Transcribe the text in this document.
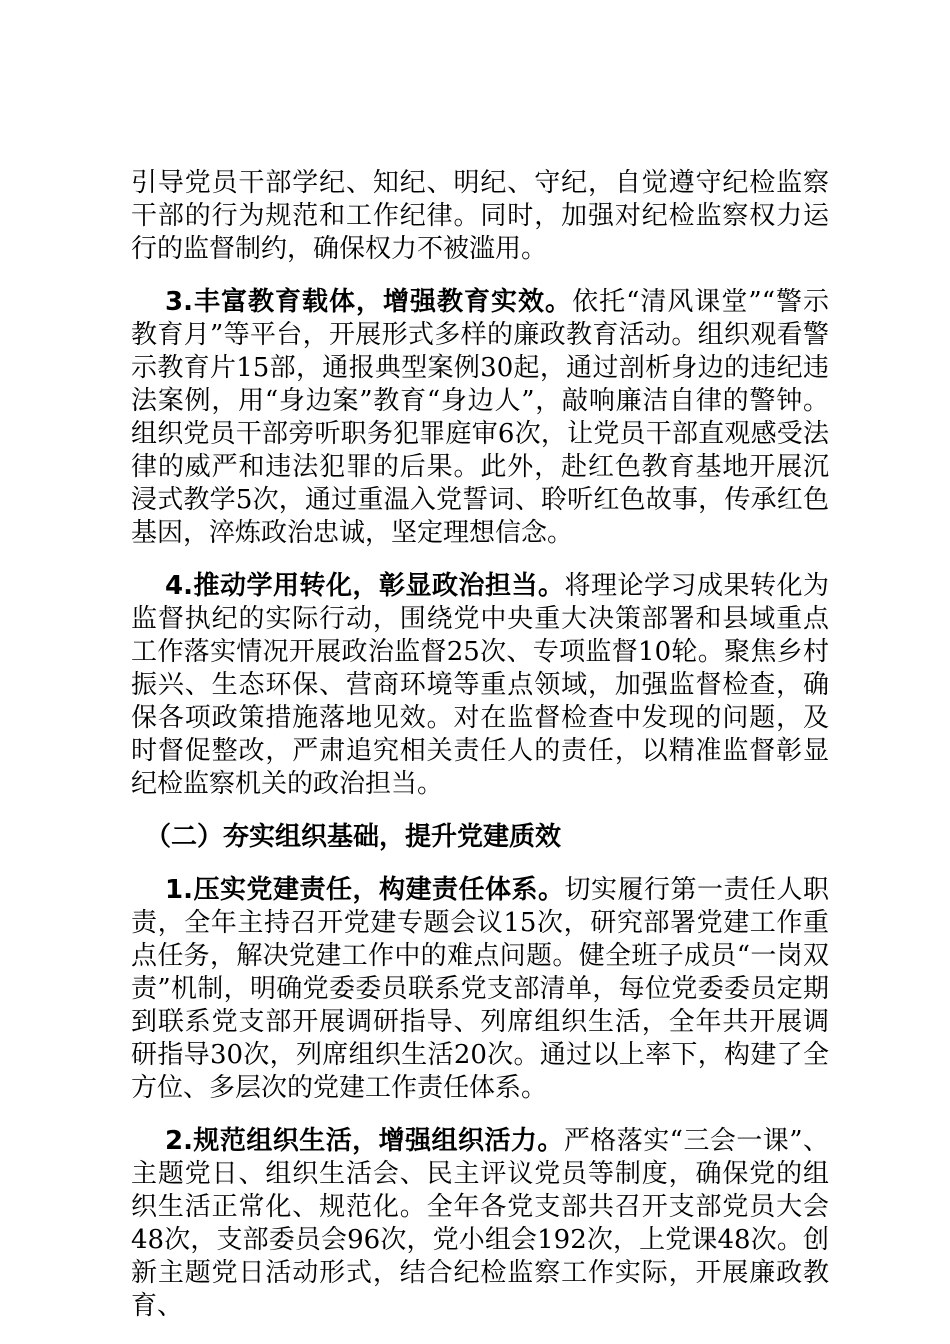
引导党员干部学纪、知纪、明纪、守纪，自觉遵守纪检监察干部的行为规范和工作纪律。同时，加强对纪检监察权力运行的监督制约，确保权力不被滥用。

3.丰富教育载体，增强教育实效。依托“清风课堂”“警示教育月”等平台，开展形式多样的廉政教育活动。组织观看警示教育片15部，通报典型案例30起，通过剖析身边的违纪违法案例，用“身边案”教育“身边人”，敲响廉洁自律的警钟。组织党员干部旁听职务犯罪庭审6次，让党员干部直观感受法律的威严和违法犯罪的后果。此外，赴红色教育基地开展沉浸式教学5次，通过重温入党誓词、聆听红色故事，传承红色基因，淬炼政治忠诚，坚定理想信念。

4.推动学用转化，彰显政治担当。将理论学习成果转化为监督执纪的实际行动，围绕党中央重大决策部署和县域重点工作落实情况开展政治监督25次、专项监督10轮。聚焦乡村振兴、生态环保、营商环境等重点领域，加强监督检查，确保各项政策措施落地见效。对在监督检查中发现的问题，及时督促整改，严肃追究相关责任人的责任，以精准监督彰显纪检监察机关的政治担当。

（二）夯实组织基础，提升党建质效

1.压实党建责任，构建责任体系。切实履行第一责任人职责，全年主持召开党建专题会议15次，研究部署党建工作重点任务，解决党建工作中的难点问题。健全班子成员“一岗双责”机制，明确党委委员联系党支部清单，每位党委委员定期到联系党支部开展调研指导、列席组织生活，全年共开展调研指导30次，列席组织生活20次。通过以上率下，构建了全方位、多层次的党建工作责任体系。

2.规范组织生活，增强组织活力。严格落实“三会一课”、主题党日、组织生活会、民主评议党员等制度，确保党的组织生活正常化、规范化。全年各党支部共召开支部党员大会48次，支部委员会96次，党小组会192次，上党课48次。创新主题党日活动形式，结合纪检监察工作实际，开展廉政教育、
